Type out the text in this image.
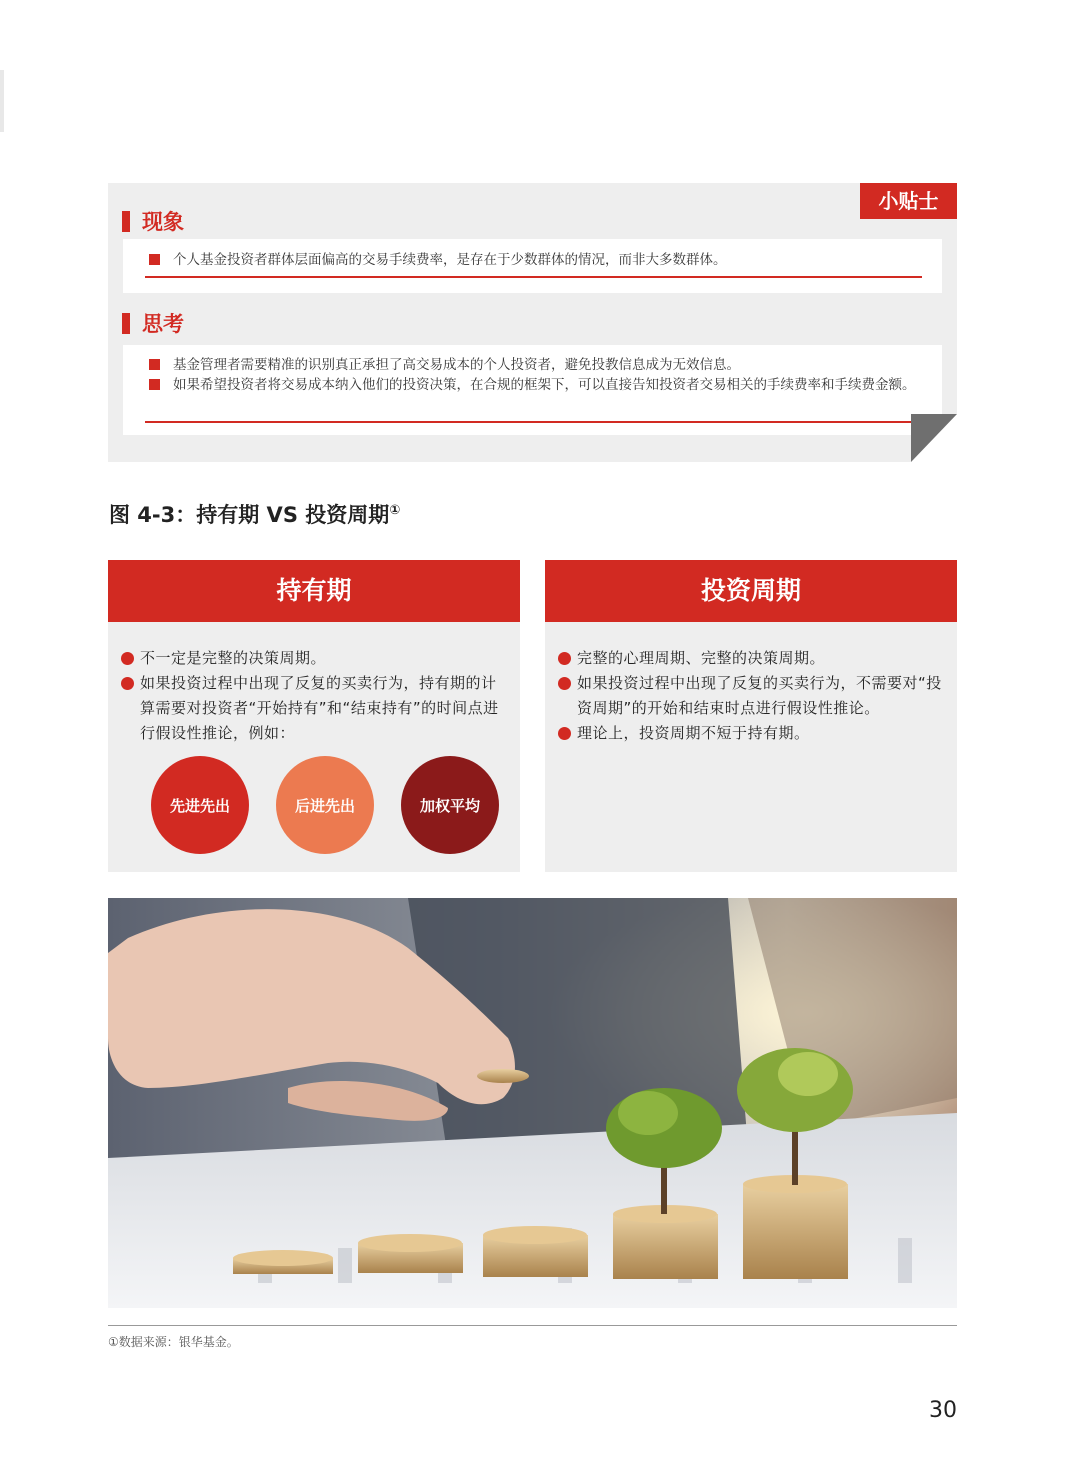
小贴士
现象
个人基金投资者群体层面偏高的交易手续费率，是存在于少数群体的情况，而非大多数群体。
思考
基金管理者需要精准的识别真正承担了高交易成本的个人投资者，避免投教信息成为无效信息。
如果希望投资者将交易成本纳入他们的投资决策，在合规的框架下，可以直接告知投资者交易相关的手续费率和手续费金额。
图 4-3：持有期 VS 投资周期①
持有期
不一定是完整的决策周期。
如果投资过程中出现了反复的买卖行为，持有期的计算需要对投资者“开始持有”和“结束持有”的时间点进行假设性推论，例如：
先进先出	后进先出	加权平均
投资周期
完整的心理周期、完整的决策周期。
如果投资过程中出现了反复的买卖行为，不需要对“投资周期”的开始和结束时点进行假设性推论。
理论上，投资周期不短于持有期。
①数据来源：银华基金。
30
